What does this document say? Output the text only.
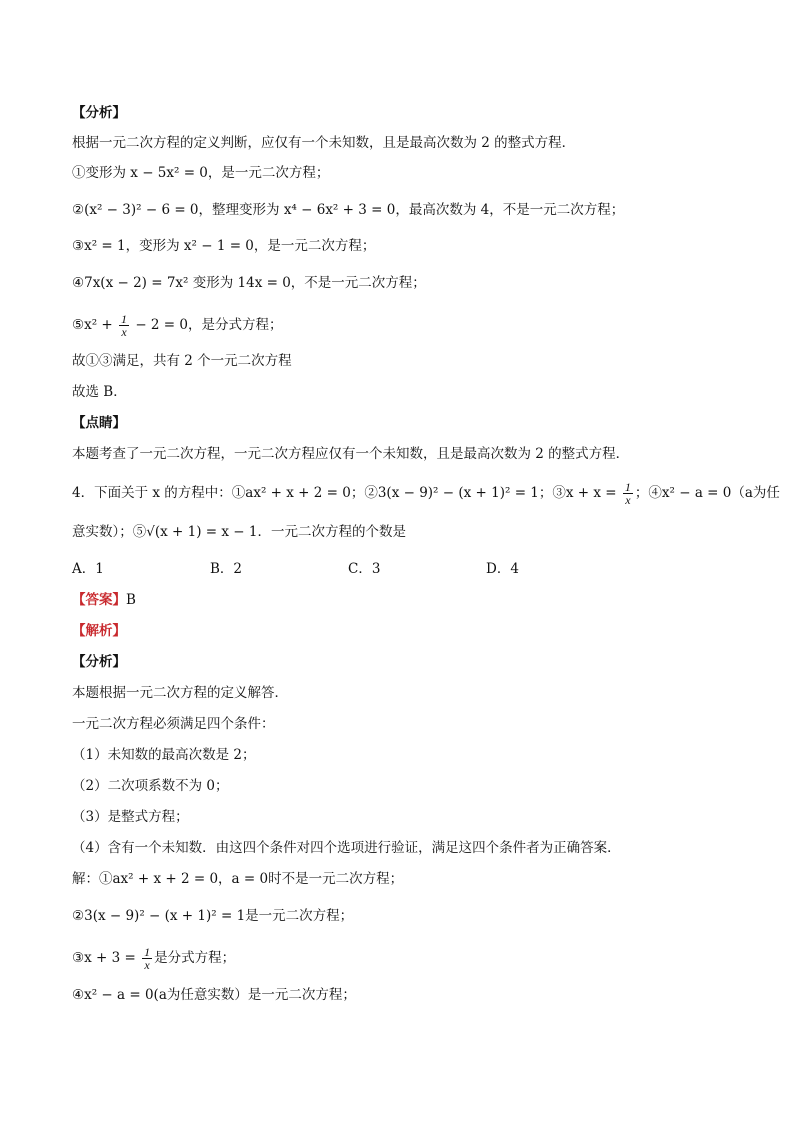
【分析】
根据一元二次方程的定义判断，应仅有一个未知数，且是最高次数为 2 的整式方程．
①变形为 x − 5x² = 0，是一元二次方程；
②(x² − 3)² − 6 = 0，整理变形为 x⁴ − 6x² + 3 = 0，最高次数为 4，不是一元二次方程；
③x² = 1，变形为 x² − 1 = 0，是一元二次方程；
④7x(x − 2) = 7x² 变形为 14x = 0，不是一元二次方程；
⑤x² + $\frac{1}{x} - 2 = 0$，是分式方程；
故①③满足，共有 2 个一元二次方程
故选 B．
【点睛】
本题考查了一元二次方程，一元二次方程应仅有一个未知数，且是最高次数为 2 的整式方程．
4．下面关于 x 的方程中：①ax² + x + 2 = 0；②3(x − 9)² − (x + 1)² = 1；③x + $x = \frac{1}{x}$ ；④x² − a = 0（a为任
意实数）；⑤√(x + 1) = x − 1．一元二次方程的个数是
A．1	B．2	C．3	D．4
【答案】B
【解析】
【分析】
本题根据一元二次方程的定义解答．
一元二次方程必须满足四个条件：
（1）未知数的最高次数是 2；
（2）二次项系数不为 0；
（3）是整式方程；
（4）含有一个未知数．由这四个条件对四个选项进行验证，满足这四个条件者为正确答案．
解：①ax² + x + 2 = 0，a = 0时不是一元二次方程；
②3(x − 9)² − (x + 1)² = 1是一元二次方程；
③x + $3 = \frac{1}{x}$ 是分式方程；
④x² − a = 0(a为任意实数）是一元二次方程；
